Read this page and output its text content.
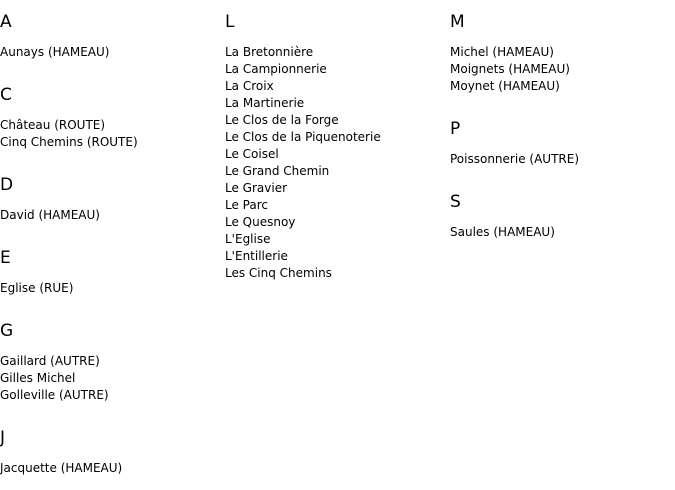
A
Aunays (HAMEAU)
C
Château (ROUTE)
Cinq Chemins (ROUTE)
D
David (HAMEAU)
E
Eglise (RUE)
G
Gaillard (AUTRE)
Gilles Michel
Golleville (AUTRE)
J
Jacquette (HAMEAU)
L
La Bretonnière
La Campionnerie
La Croix
La Martinerie
Le Clos de la Forge
Le Clos de la Piquenoterie
Le Coisel
Le Grand Chemin
Le Gravier
Le Parc
Le Quesnoy
L'Eglise
L'Entillerie
Les Cinq Chemins
M
Michel (HAMEAU)
Moignets (HAMEAU)
Moynet (HAMEAU)
P
Poissonnerie (AUTRE)
S
Saules (HAMEAU)
